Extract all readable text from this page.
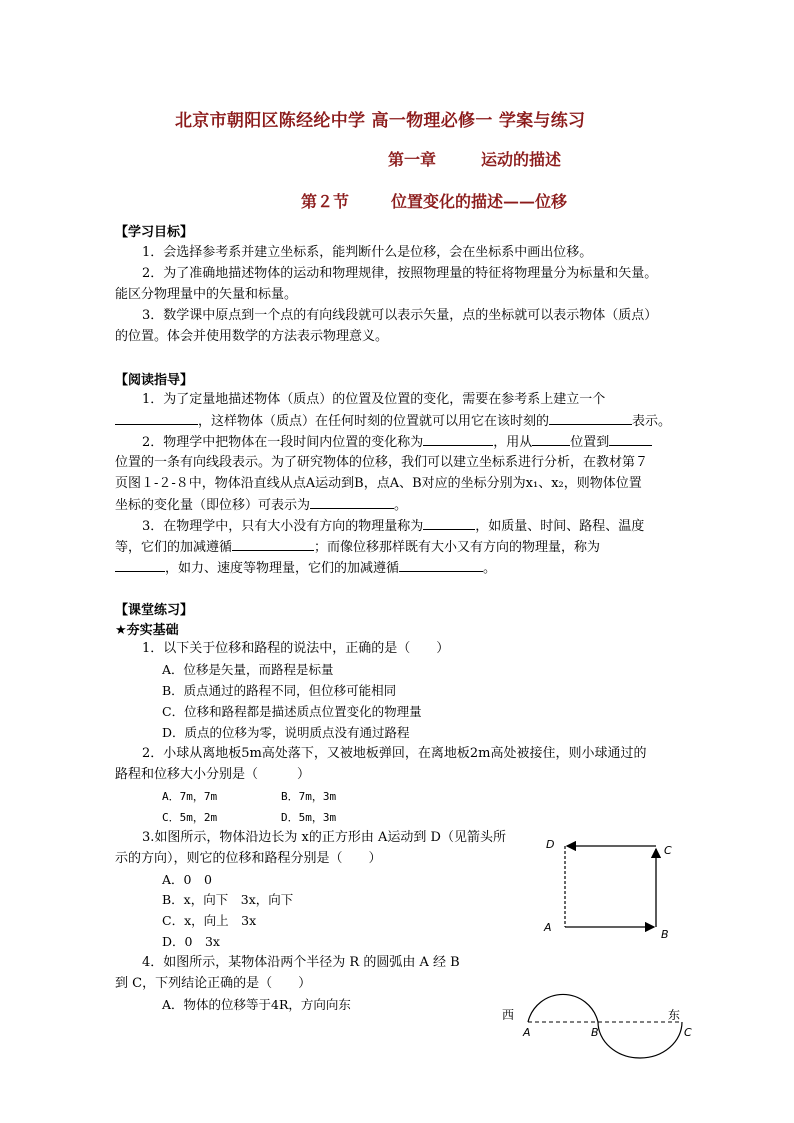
北京市朝阳区陈经纶中学 高一物理必修一 学案与练习
第一章	运动的描述
第２节	位置变化的描述——位移
【学习目标】
1．会选择参考系并建立坐标系，能判断什么是位移，会在坐标系中画出位移。
2．为了准确地描述物体的运动和物理规律，按照物理量的特征将物理量分为标量和矢量。
能区分物理量中的矢量和标量。
3．数学课中原点到一个点的有向线段就可以表示矢量，点的坐标就可以表示物体（质点）
的位置。体会并使用数学的方法表示物理意义。
【阅读指导】
1．为了定量地描述物体（质点）的位置及位置的变化，需要在参考系上建立一个
，这样物体（质点）在任何时刻的位置就可以用它在该时刻的	表示。
2．物理学中把物体在一段时间内位置的变化称为	，用从	位置到
位置的一条有向线段表示。为了研究物体的位移，我们可以建立坐标系进行分析，在教材第７
页图１-２-８中，物体沿直线从点A运动到B，点A、B对应的坐标分别为x₁、x₂，则物体位置
坐标的变化量（即位移）可表示为	。
3．在物理学中，只有大小没有方向的物理量称为	，如质量、时间、路程、温度
等，它们的加减遵循	；而像位移那样既有大小又有方向的物理量，称为
，如力、速度等物理量，它们的加减遵循	。
【课堂练习】
★夯实基础
1．以下关于位移和路程的说法中，正确的是（　　）
A．位移是矢量，而路程是标量
B．质点通过的路程不同，但位移可能相同
C．位移和路程都是描述质点位置变化的物理量
D．质点的位移为零，说明质点没有通过路程
2．小球从离地板5m高处落下，又被地板弹回，在离地板2m高处被接住，则小球通过的
路程和位移大小分别是（　　　）
A．7m，7m	B．7m，3m
C．5m，2m	D．5m，3m
3.如图所示，物体沿边长为 x的正方形由 A运动到 D（见箭头所
示的方向），则它的位移和路程分别是（　　）
A．0　0
B．x，向下　3x，向下
C．x，向上　3x
D．0　3x
4．如图所示，某物体沿两个半径为 R 的圆弧由 A 经 B
到 C，下列结论正确的是（　　）
A．物体的位移等于4R，方向向东
D	C
A
B
西	东
A	B	C
